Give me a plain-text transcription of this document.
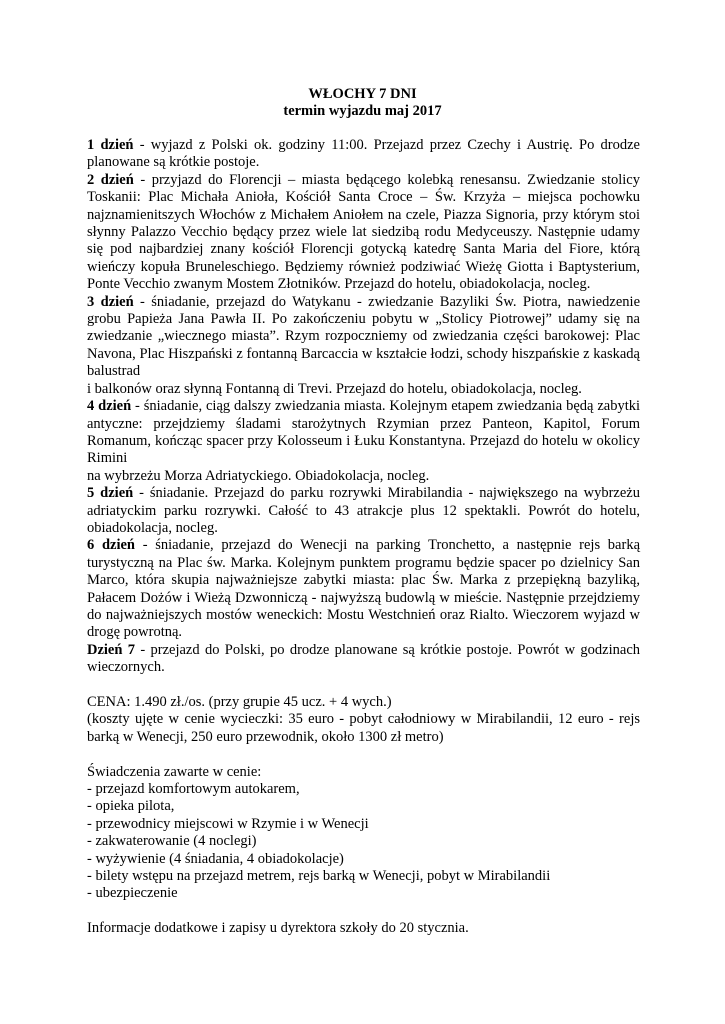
WŁOCHY 7 DNI
termin wyjazdu maj 2017

1 dzień - wyjazd z Polski ok. godziny 11:00. Przejazd przez Czechy i Austrię. Po drodze planowane są krótkie postoje.

2 dzień - przyjazd do Florencji – miasta będącego kolebką renesansu. Zwiedzanie stolicy Toskanii: Plac Michała Anioła, Kościół Santa Croce – Św. Krzyża – miejsca pochowku najznamienitszych Włochów z Michałem Aniołem na czele, Piazza Signoria, przy którym stoi słynny Palazzo Vecchio będący przez wiele lat siedzibą rodu Medyceuszy. Następnie udamy się pod najbardziej znany kościół Florencji gotycką katedrę Santa Maria del Fiore, którą wieńczy kopuła Bruneleschiego. Będziemy również podziwiać Wieżę Giotta i Baptysterium, Ponte Vecchio zwanym Mostem Złotników. Przejazd do hotelu, obiadokolacja, nocleg.

3 dzień - śniadanie, przejazd do Watykanu - zwiedzanie Bazyliki Św. Piotra, nawiedzenie grobu Papieża Jana Pawła II. Po zakończeniu pobytu w „Stolicy Piotrowej” udamy się na zwiedzanie „wiecznego miasta”. Rzym rozpoczniemy od zwiedzania części barokowej: Plac Navona, Plac Hiszpański z fontanną Barcaccia w kształcie łodzi, schody hiszpańskie z kaskadą balustrad

i balkonów oraz słynną Fontanną di Trevi. Przejazd do hotelu, obiadokolacja, nocleg.

4 dzień - śniadanie, ciąg dalszy zwiedzania miasta. Kolejnym etapem zwiedzania będą zabytki antyczne: przejdziemy śladami starożytnych Rzymian przez Panteon, Kapitol, Forum Romanum, kończąc spacer przy Kolosseum i Łuku Konstantyna. Przejazd do hotelu w okolicy Rimini

na wybrzeżu Morza Adriatyckiego. Obiadokolacja, nocleg.

5 dzień - śniadanie. Przejazd do parku rozrywki Mirabilandia - największego na wybrzeżu adriatyckim parku rozrywki. Całość to 43 atrakcje plus 12 spektakli. Powrót do hotelu, obiadokolacja, nocleg.

6 dzień - śniadanie, przejazd do Wenecji na parking Tronchetto, a następnie rejs barką turystyczną na Plac św. Marka. Kolejnym punktem programu będzie spacer po dzielnicy San Marco, która skupia najważniejsze zabytki miasta: plac Św. Marka z przepiękną bazyliką, Pałacem Dożów i Wieżą Dzwonniczą - najwyższą budowlą w mieście. Następnie przejdziemy do najważniejszych mostów weneckich: Mostu Westchnień oraz Rialto. Wieczorem wyjazd w drogę powrotną.

Dzień 7 - przejazd do Polski, po drodze planowane są krótkie postoje. Powrót w godzinach wieczornych.

CENA: 1.490 zł./os. (przy grupie 45 ucz. + 4 wych.)

(koszty ujęte w cenie wycieczki: 35 euro - pobyt całodniowy w Mirabilandii, 12 euro - rejs barką w Wenecji, 250 euro przewodnik, około 1300 zł metro)

Świadczenia zawarte w cenie:

- przejazd komfortowym autokarem,
- opieka pilota,
- przewodnicy miejscowi w Rzymie i w Wenecji
- zakwaterowanie (4 noclegi)
- wyżywienie (4 śniadania, 4 obiadokolacje)
- bilety wstępu na przejazd metrem, rejs barką w Wenecji, pobyt w Mirabilandii
- ubezpieczenie

Informacje dodatkowe i zapisy u dyrektora szkoły do 20 stycznia.
